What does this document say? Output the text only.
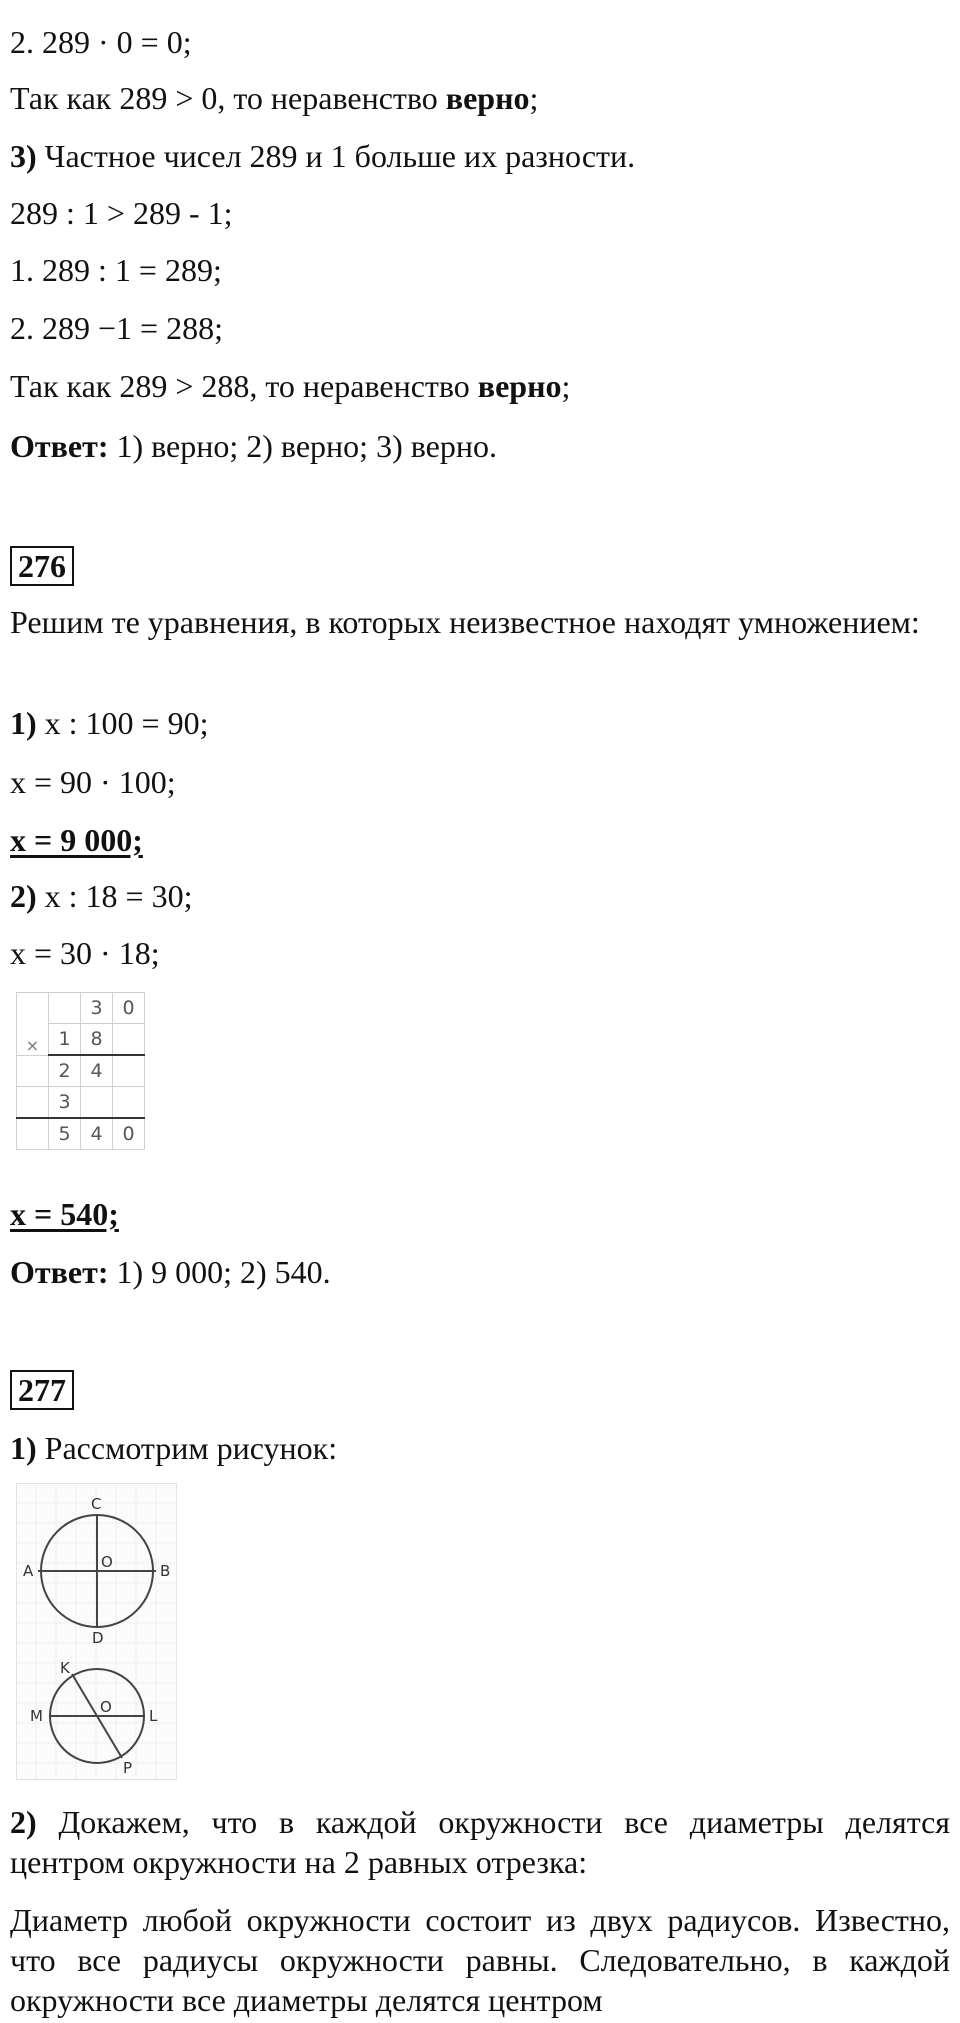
2. 289 · 0 = 0;
Так как 289 > 0, то неравенство верно;
3) Частное чисел 289 и 1 больше их разности.
289 : 1 > 289 - 1;
1. 289 : 1 = 289;
2. 289 −1 = 288;
Так как 289 > 288, то неравенство верно;
Ответ: 1) верно; 2) верно; 3) верно.
276
Решим те уравнения, в которых неизвестное находят умножением:
1) x : 100 = 90;
x = 90 · 100;
x = 9 000;
2) x : 18 = 30;
x = 30 · 18;
×		3	0
	1	8	
	2	4	
	3		
	5	4	0
x = 540;
Ответ: 1) 9 000; 2) 540.
277
1) Рассмотрим рисунок:
C
A	B
O
D
K
M	L
O
P
2) Докажем, что в каждой окружности все диаметры делятся центром окружности на 2 равных отрезка:
Диаметр любой окружности состоит из двух радиусов. Известно, что все радиусы окружности равны. Следовательно, в каждой окружности все диаметры делятся центром
